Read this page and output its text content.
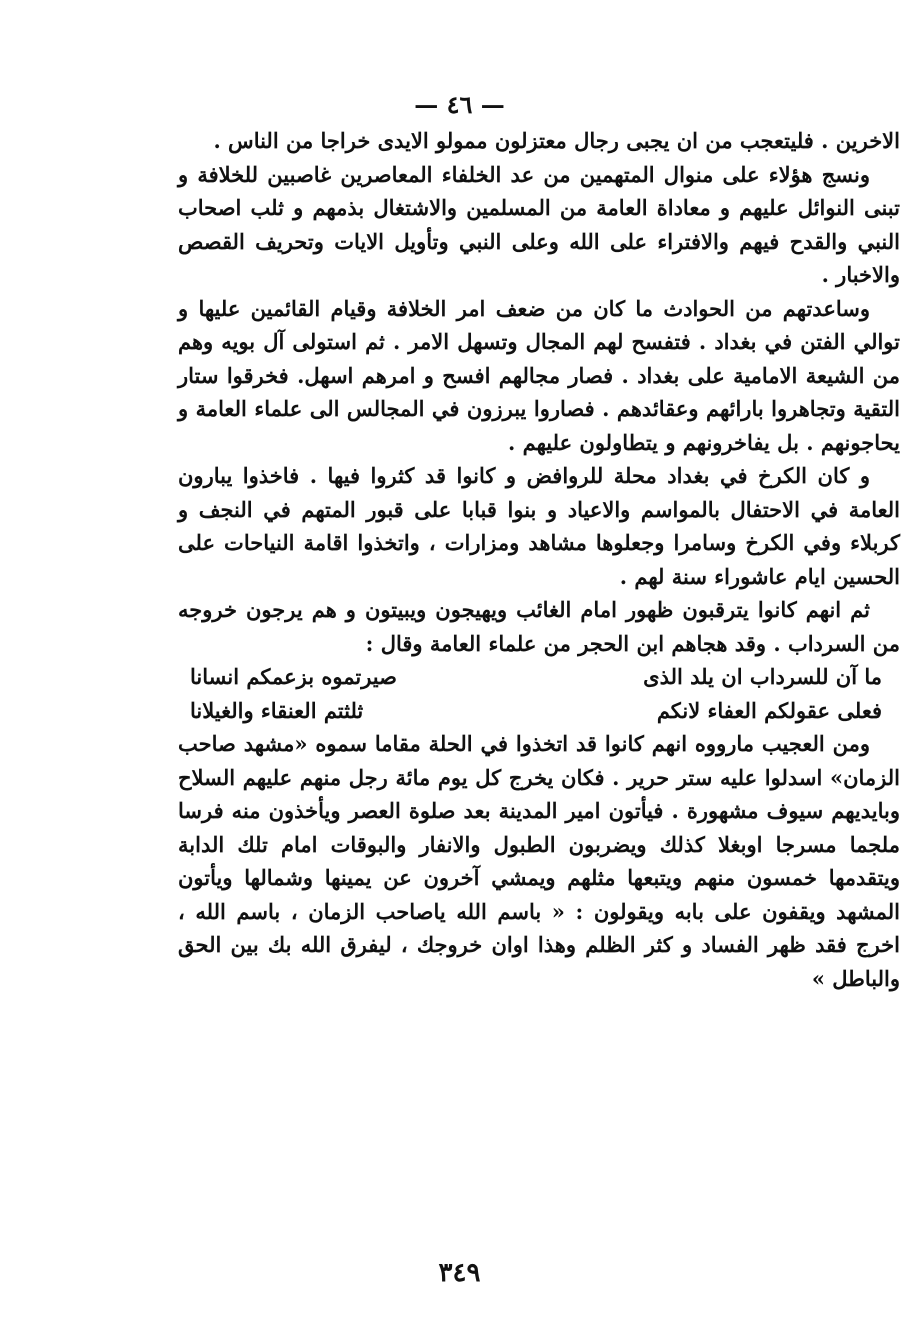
— ٤٦ —

الاخرين . فليتعجب من ان يجبى رجال معتزلون ممولو الايدى خراجا من الناس .

ونسج هؤلاء على منوال المتهمين من عد الخلفاء المعاصرين غاصبين للخلافة و تبنى النوائل عليهم و معاداة العامة من المسلمين والاشتغال بذمهم و ثلب اصحاب النبي والقدح فيهم والافتراء على الله وعلى النبي وتأويل الايات وتحريف القصص والاخبار .

وساعدتهم من الحوادث ما كان من ضعف امر الخلافة وقيام القائمين عليها و توالي الفتن في بغداد . فتفسح لهم المجال وتسهل الامر . ثم استولى آل بويه وهم من الشيعة الامامية على بغداد . فصار مجالهم افسح و امرهم اسهل. فخرقوا ستار التقية وتجاهروا بارائهم وعقائدهم . فصاروا يبرزون في المجالس الى علماء العامة و يحاجونهم . بل يفاخرونهم و يتطاولون عليهم .

و كان الكرخ في بغداد محلة للروافض و كانوا قد كثروا فيها . فاخذوا يبارون العامة في الاحتفال بالمواسم والاعياد و بنوا قبابا على قبور المتهم في النجف و كربلاء وفي الكرخ وسامرا وجعلوها مشاهد ومزارات ، واتخذوا اقامة النياحات على الحسين ايام عاشوراء سنة لهم .

ثم انهم كانوا يترقبون ظهور امام الغائب ويهيجون ويبيتون و هم يرجون خروجه من السرداب . وقد هجاهم ابن الحجر من علماء العامة وقال :

ما آن للسرداب ان يلد الذى
صيرتموه بزعمكم انسانا
فعلى عقولكم العفاء لانكم
ثلثتم العنقاء والغيلانا

ومن العجيب مارووه انهم كانوا قد اتخذوا في الحلة مقاما سموه «مشهد صاحب الزمان» اسدلوا عليه ستر حرير . فكان يخرج كل يوم مائة رجل منهم عليهم السلاح وبايديهم سيوف مشهورة . فيأتون امير المدينة بعد صلوة العصر ويأخذون منه فرسا ملجما مسرجا اوبغلا كذلك ويضربون الطبول والانفار والبوقات امام تلك الدابة ويتقدمها خمسون منهم ويتبعها مثلهم ويمشي آخرون عن يمينها وشمالها ويأتون المشهد ويقفون على بابه ويقولون : « باسم الله ياصاحب الزمان ، باسم الله ، اخرج فقد ظهر الفساد و كثر الظلم وهذا اوان خروجك ، ليفرق الله بك بين الحق والباطل »

٣٤٩
